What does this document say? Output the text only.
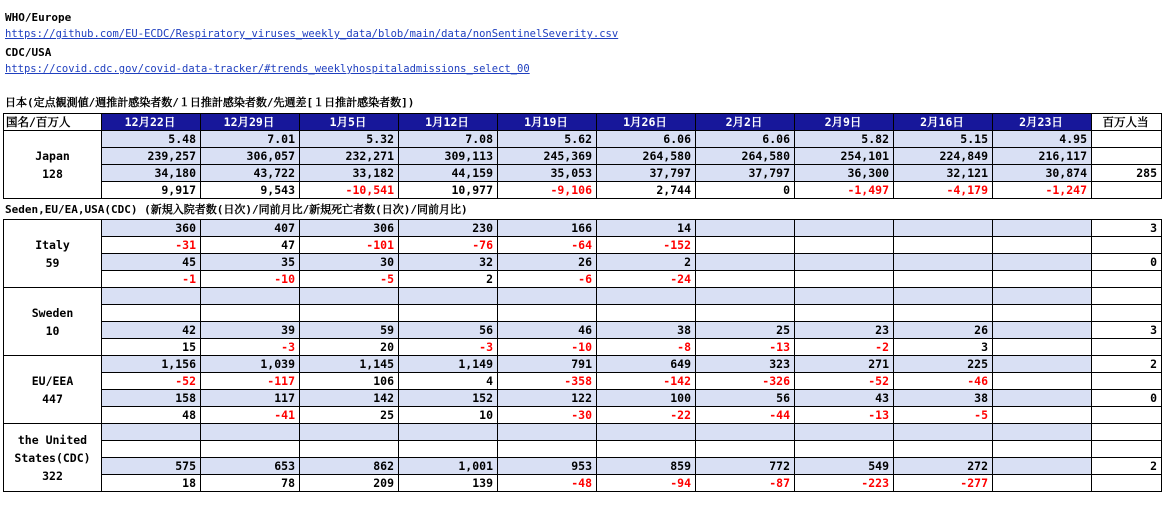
WHO/Europe
https://github.com/EU-ECDC/Respiratory_viruses_weekly_data/blob/main/data/nonSentinelSeverity.csv
CDC/USA
https://covid.cdc.gov/covid-data-tracker/#trends_weeklyhospitaladmissions_select_00
日本(定点観測値/週推計感染者数/１日推計感染者数/先週差[１日推計感染者数])
国名/百万人	12月22日	12月29日	1月5日	1月12日	1月19日	1月26日	2月2日	2月9日	2月16日	2月23日	百万人当

Japan
128	5.48	7.01	5.32	7.08	5.62	6.06	6.06	5.82	5.15	4.95	
	239,257	306,057	232,271	309,113	245,369	264,580	264,580	254,101	224,849	216,117	
	34,180	43,722	33,182	44,159	35,053	37,797	37,797	36,300	32,121	30,874	285
	9,917	9,543	-10,541	10,977	-9,106	2,744	0	-1,497	-4,179	-1,247	
Seden,EU/EA,USA(CDC) (新規入院者数(日次)/同前月比/新規死亡者数(日次)/同前月比)
Italy
59	360	407	306	230	166	14					3
	-31	47	-101	-76	-64	-152					
	45	35	30	32	26	2					0
	-1	-10	-5	2	-6	-24					

Sweden
10											

	42	39	59	56	46	38	25	23	26		3
	15	-3	20	-3	-10	-8	-13	-2	3		

EU/EEA
447	1,156	1,039	1,145	1,149	791	649	323	271	225		2
	-52	-117	106	4	-358	-142	-326	-52	-46		
	158	117	142	152	122	100	56	43	38		0
	48	-41	25	10	-30	-22	-44	-13	-5		

the United States(CDC)
322											

	575	653	862	1,001	953	859	772	549	272		2
	18	78	209	139	-48	-94	-87	-223	-277		
